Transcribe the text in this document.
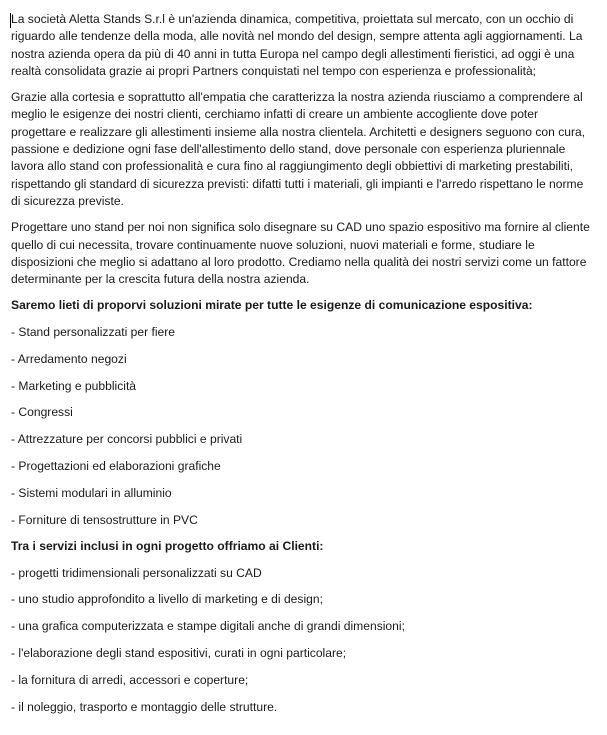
La società Aletta Stands S.r.l è un'azienda dinamica, competitiva, proiettata sul mercato, con un occhio di riguardo alle tendenze della moda, alle novità nel mondo del design, sempre attenta agli aggiornamenti. La nostra azienda opera da più di 40 anni in tutta Europa nel campo degli allestimenti fieristici, ad oggi è una realtà consolidata grazie ai propri Partners conquistati nel tempo con esperienza e professionalità;

Grazie alla cortesia e soprattutto all'empatia che caratterizza la nostra azienda riusciamo a comprendere al meglio le esigenze dei nostri clienti, cerchiamo infatti di creare un ambiente accogliente dove poter progettare e realizzare gli allestimenti insieme alla nostra clientela. Architetti e designers seguono con cura, passione e dedizione ogni fase dell'allestimento dello stand, dove personale con esperienza pluriennale lavora allo stand con professionalità e cura fino al raggiungimento degli obbiettivi di marketing prestabiliti, rispettando gli standard di sicurezza previsti: difatti tutti i materiali, gli impianti e l'arredo rispettano le norme di sicurezza previste.

Progettare uno stand per noi non significa solo disegnare su CAD uno spazio espositivo ma fornire al cliente quello di cui necessita, trovare continuamente nuove soluzioni, nuovi materiali e forme, studiare le disposizioni che meglio si adattano al loro prodotto. Crediamo nella qualità dei nostri servizi come un fattore determinante per la crescita futura della nostra azienda.

Saremo lieti di proporvi soluzioni mirate per tutte le esigenze di comunicazione espositiva:

- Stand personalizzati per fiere
- Arredamento negozi
- Marketing e pubblicità
- Congressi
- Attrezzature per concorsi pubblici e privati
- Progettazioni ed elaborazioni grafiche
- Sistemi modulari in alluminio
- Forniture di tensostrutture in PVC

Tra i servizi inclusi in ogni progetto offriamo ai Clienti:

- progetti tridimensionali personalizzati su CAD
- uno studio approfondito a livello di marketing e di design;
- una grafica computerizzata e stampe digitali anche di grandi dimensioni;
- l'elaborazione degli stand espositivi, curati in ogni particolare;
- la fornitura di arredi, accessori e coperture;
- il noleggio, trasporto e montaggio delle strutture.
